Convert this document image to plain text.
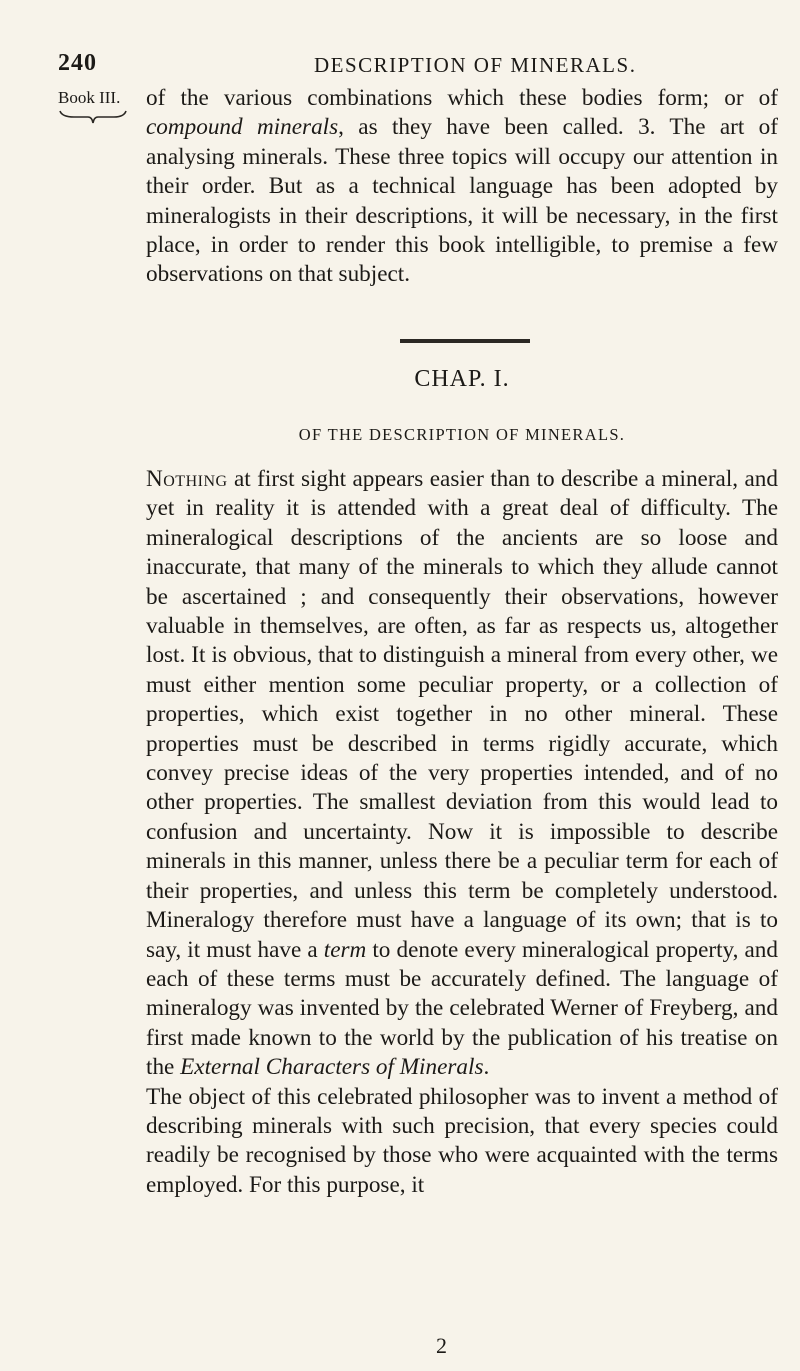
240	DESCRIPTION OF MINERALS.
Book III.	of the various combinations which these bodies form; or of compound minerals, as they have been called. 3. The art of analysing minerals. These three topics will occupy our attention in their order. But as a technical language has been adopted by mineralogists in their descriptions, it will be necessary, in the first place, in order to render this book intelligible, to premise a few observations on that subject.

CHAP. I.
OF THE DESCRIPTION OF MINERALS.

Nothing at first sight appears easier than to describe a mineral, and yet in reality it is attended with a great deal of difficulty. The mineralogical descriptions of the ancients are so loose and inaccurate, that many of the minerals to which they allude cannot be ascertained ; and consequently their observations, however valuable in themselves, are often, as far as respects us, altogether lost. It is obvious, that to distinguish a mineral from every other, we must either mention some peculiar property, or a collection of properties, which exist together in no other mineral. These properties must be described in terms rigidly accurate, which convey precise ideas of the very properties intended, and of no other properties. The smallest deviation from this would lead to confusion and uncertainty. Now it is impossible to describe minerals in this manner, unless there be a peculiar term for each of their properties, and unless this term be completely understood. Mineralogy therefore must have a language of its own; that is to say, it must have a term to denote every mineralogical property, and each of these terms must be accurately defined. The language of mineralogy was invented by the celebrated Werner of Freyberg, and first made known to the world by the publication of his treatise on the External Characters of Minerals.

The object of this celebrated philosopher was to invent a method of describing minerals with such precision, that every species could readily be recognised by those who were acquainted with the terms employed. For this purpose, it

2
